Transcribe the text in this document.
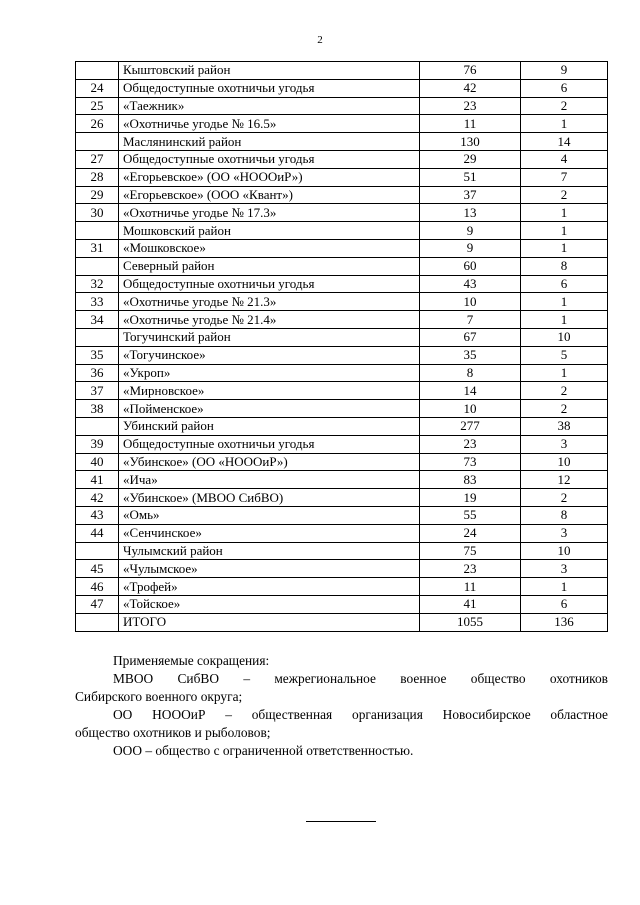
2
	Кыштовский район	76	9
24	Общедоступные охотничьи угодья	42	6
25	«Таежник»	23	2
26	«Охотничье угодье № 16.5»	11	1
	Маслянинский район	130	14
27	Общедоступные охотничьи угодья	29	4
28	«Егорьевское» (ОО «НОООиР»)	51	7
29	«Егорьевское» (ООО «Квант»)	37	2
30	«Охотничье угодье № 17.3»	13	1
	Мошковский район	9	1
31	«Мошковское»	9	1
	Северный район	60	8
32	Общедоступные охотничьи угодья	43	6
33	«Охотничье угодье № 21.3»	10	1
34	«Охотничье угодье № 21.4»	7	1
	Тогучинский район	67	10
35	«Тогучинское»	35	5
36	«Укроп»	8	1
37	«Мирновское»	14	2
38	«Пойменское»	10	2
	Убинский район	277	38
39	Общедоступные охотничьи угодья	23	3
40	«Убинское» (ОО «НОООиР»)	73	10
41	«Ича»	83	12
42	«Убинское» (МВОО СибВО)	19	2
43	«Омь»	55	8
44	«Сенчинское»	24	3
	Чулымский район	75	10
45	«Чулымское»	23	3
46	«Трофей»	11	1
47	«Тойское»	41	6
	ИТОГО	1055	136

Применяемые сокращения:

МВОО СибВО – межрегиональное военное общество охотников

Сибирского военного округа;

ОО НОООиР – общественная организация Новосибирское областное

общество охотников и рыболовов;

ООО – общество с ограниченной ответственностью.
